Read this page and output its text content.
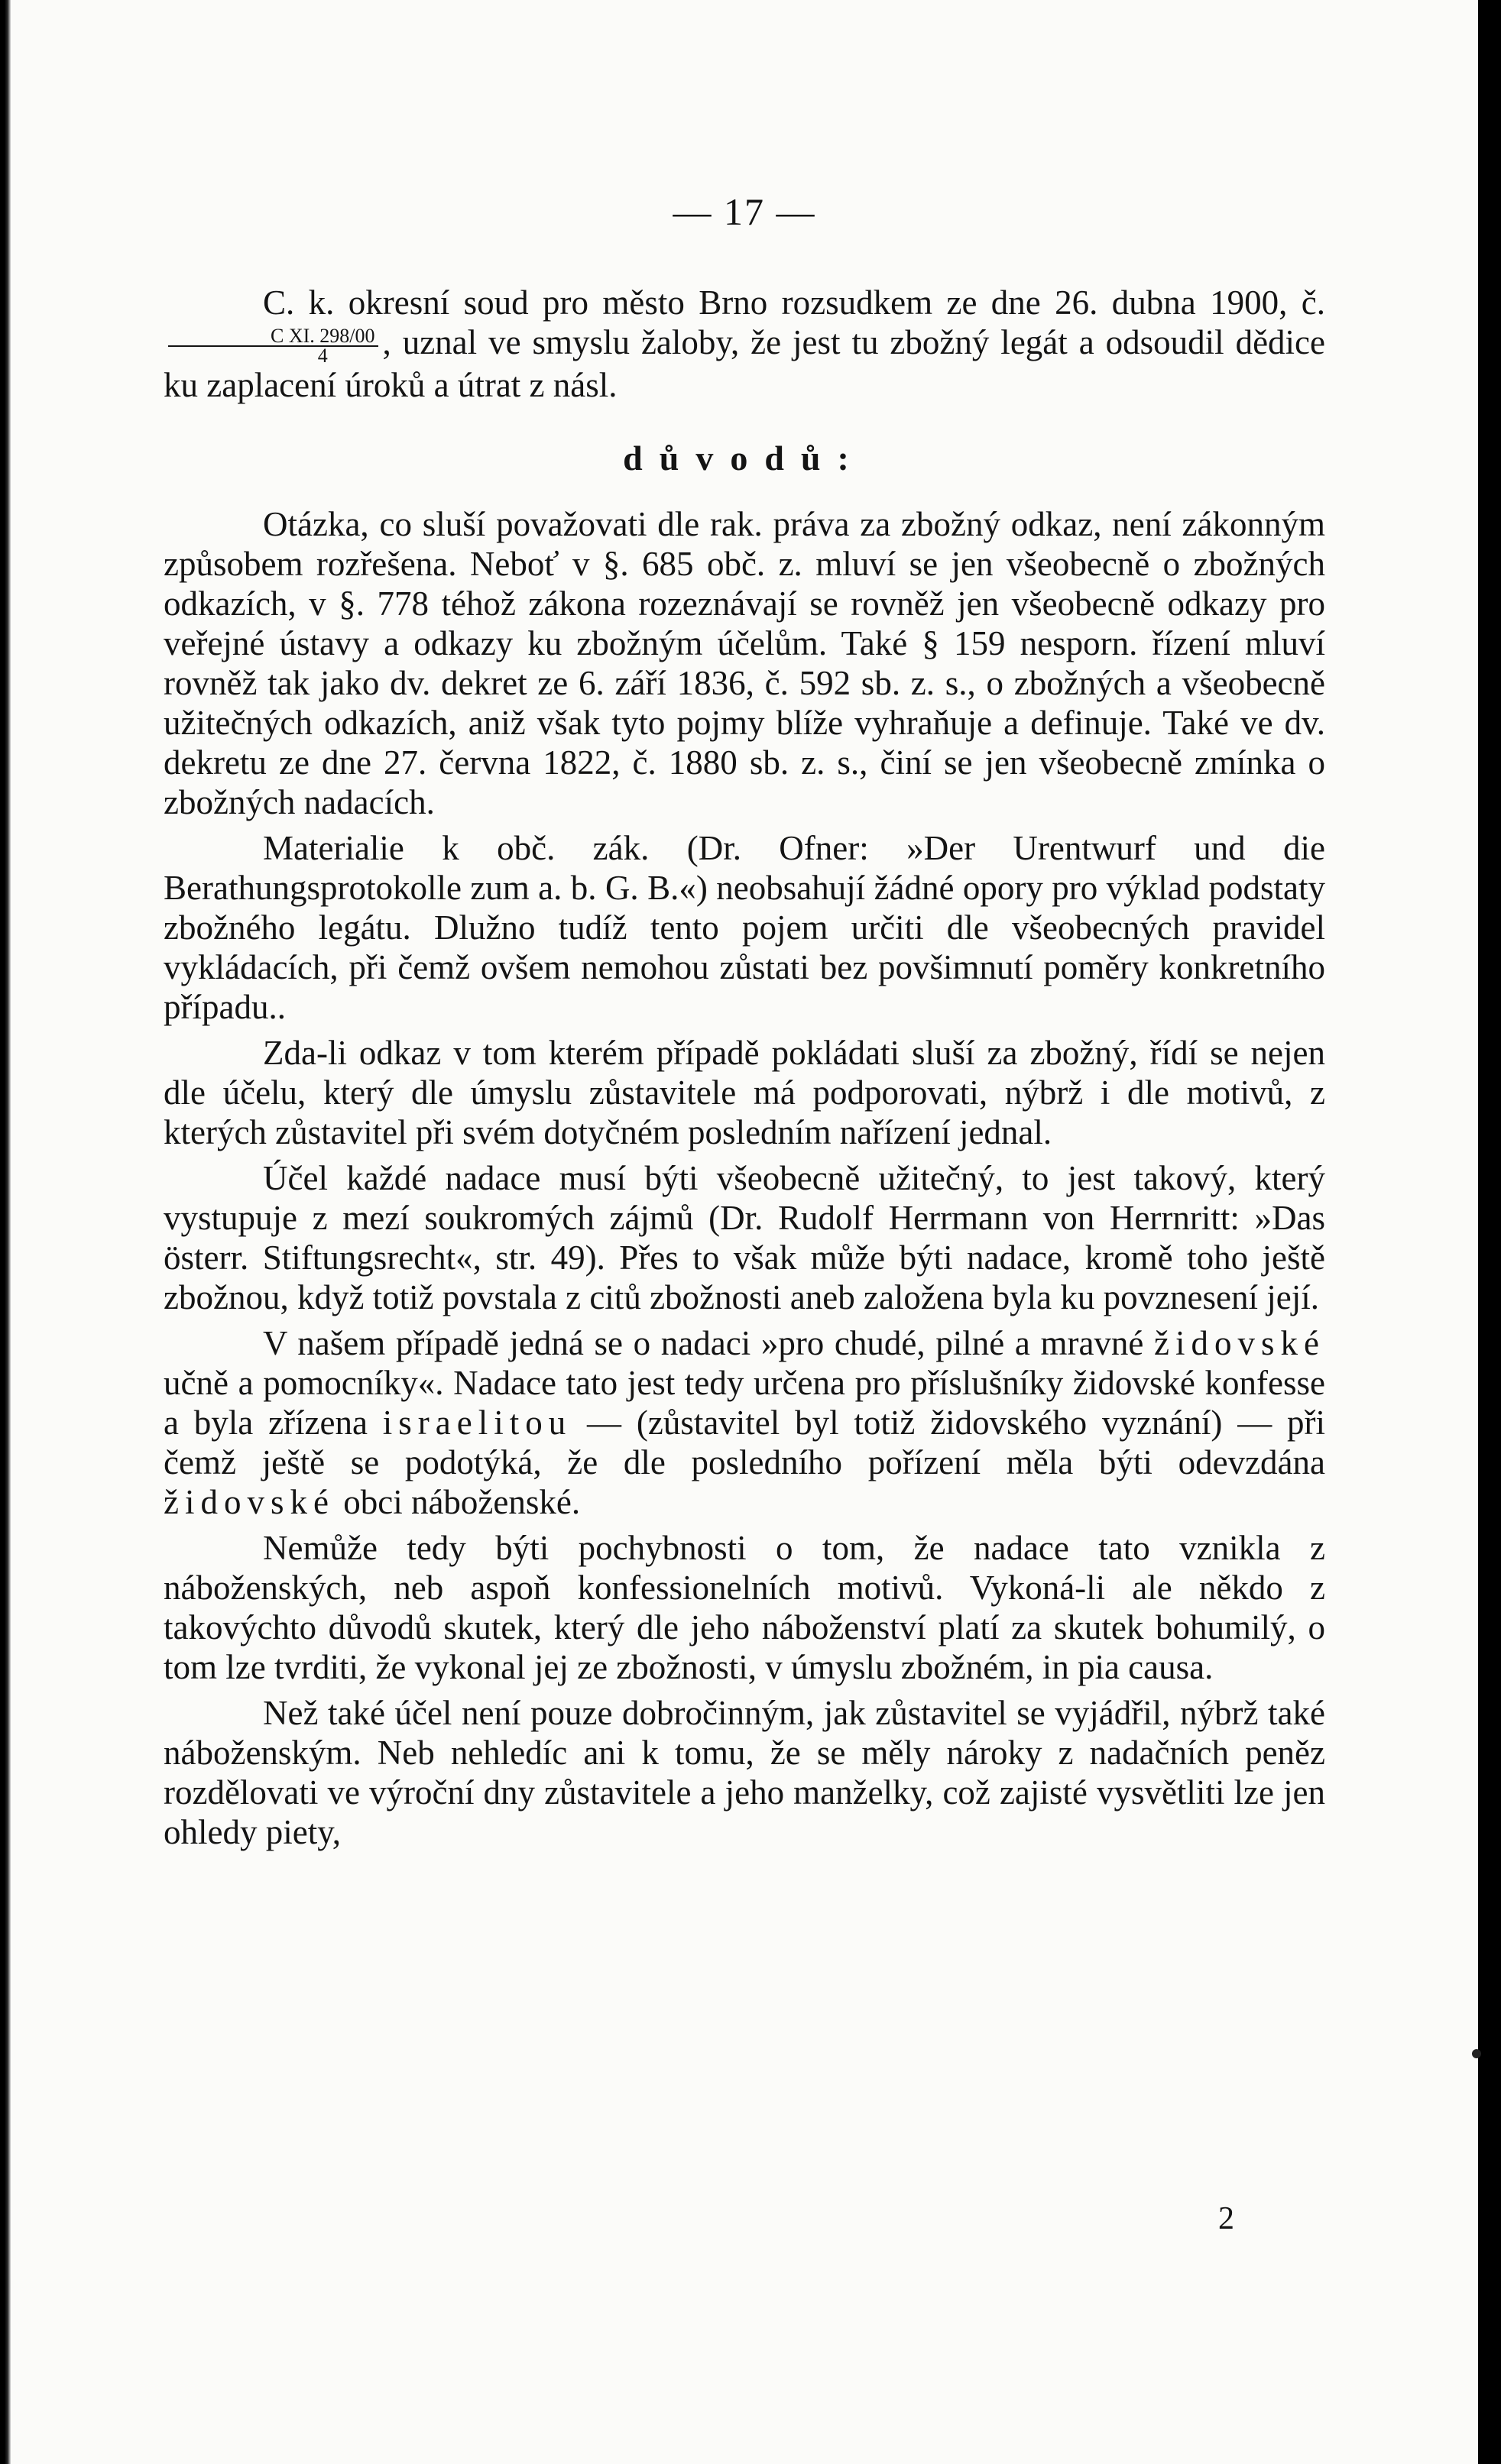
— 17 —

C. k. okresní soud pro město Brno rozsudkem ze dne 26. dubna 1900, č.
$\frac{\text{C XI. 298/00}}{4}$ , uznal ve smyslu žaloby, že jest tu zbožný legát a odsoudil dědice ku zaplacení úroků a útrat z násl.

důvodů:

Otázka, co sluší považovati dle rak. práva za zbožný odkaz, není zákonným způsobem rozřešena. Neboť v §. 685 obč. z. mluví se jen všeobecně o zbožných odkazích, v §. 778 téhož zákona rozeznávají se rovněž jen všeobecně odkazy pro veřejné ústavy a odkazy ku zbožným účelům. Také § 159 nesporn. řízení mluví rovněž tak jako dv. dekret ze 6. září 1836, č. 592 sb. z. s., o zbožných a všeobecně užitečných odkazích, aniž však tyto pojmy blíže vyhraňuje a definuje. Také ve dv. dekretu ze dne 27. června 1822, č. 1880 sb. z. s., činí se jen všeobecně zmínka o zbožných nadacích.

Materialie k obč. zák. (Dr. Ofner: »Der Urentwurf und die Berathungsprotokolle zum a. b. G. B.«) neobsahují žádné opory pro výklad podstaty zbožného legátu. Dlužno tudíž tento pojem určiti dle všeobecných pravidel vykládacích, při čemž ovšem nemohou zůstati bez povšimnutí poměry konkretního případu..

Zda-li odkaz v tom kterém případě pokládati sluší za zbožný, řídí se nejen dle účelu, který dle úmyslu zůstavitele má podporovati, nýbrž i dle motivů, z kterých zůstavitel při svém dotyčném posledním nařízení jednal.

Účel každé nadace musí býti všeobecně užitečný, to jest takový, který vystupuje z mezí soukromých zájmů (Dr. Rudolf Herrmann von Herrnritt: »Das österr. Stiftungsrecht«, str. 49). Přes to však může býti nadace, kromě toho ještě zbožnou, když totiž povstala z citů zbožnosti aneb založena byla ku povznesení její.

V našem případě jedná se o nadaci »pro chudé, pilné a mravné židovské učně a pomocníky«. Nadace tato jest tedy určena pro příslušníky židovské konfesse a byla zřízena israelitou — (zůstavitel byl totiž židovského vyznání) — při čemž ještě se podotýká, že dle posledního pořízení měla býti odevzdána židovské obci náboženské.

Nemůže tedy býti pochybnosti o tom, že nadace tato vznikla z náboženských, neb aspoň konfessionelních motivů. Vykoná-li ale někdo z takovýchto důvodů skutek, který dle jeho náboženství platí za skutek bohumilý, o tom lze tvrditi, že vykonal jej ze zbožnosti, v úmyslu zbožném, in pia causa.

Než také účel není pouze dobročinným, jak zůstavitel se vyjádřil, nýbrž také náboženským. Neb nehledíc ani k tomu, že se měly nároky z nadačních peněz rozdělovati ve výroční dny zůstavitele a jeho manželky, což zajisté vysvětliti lze jen ohledy piety,

2
